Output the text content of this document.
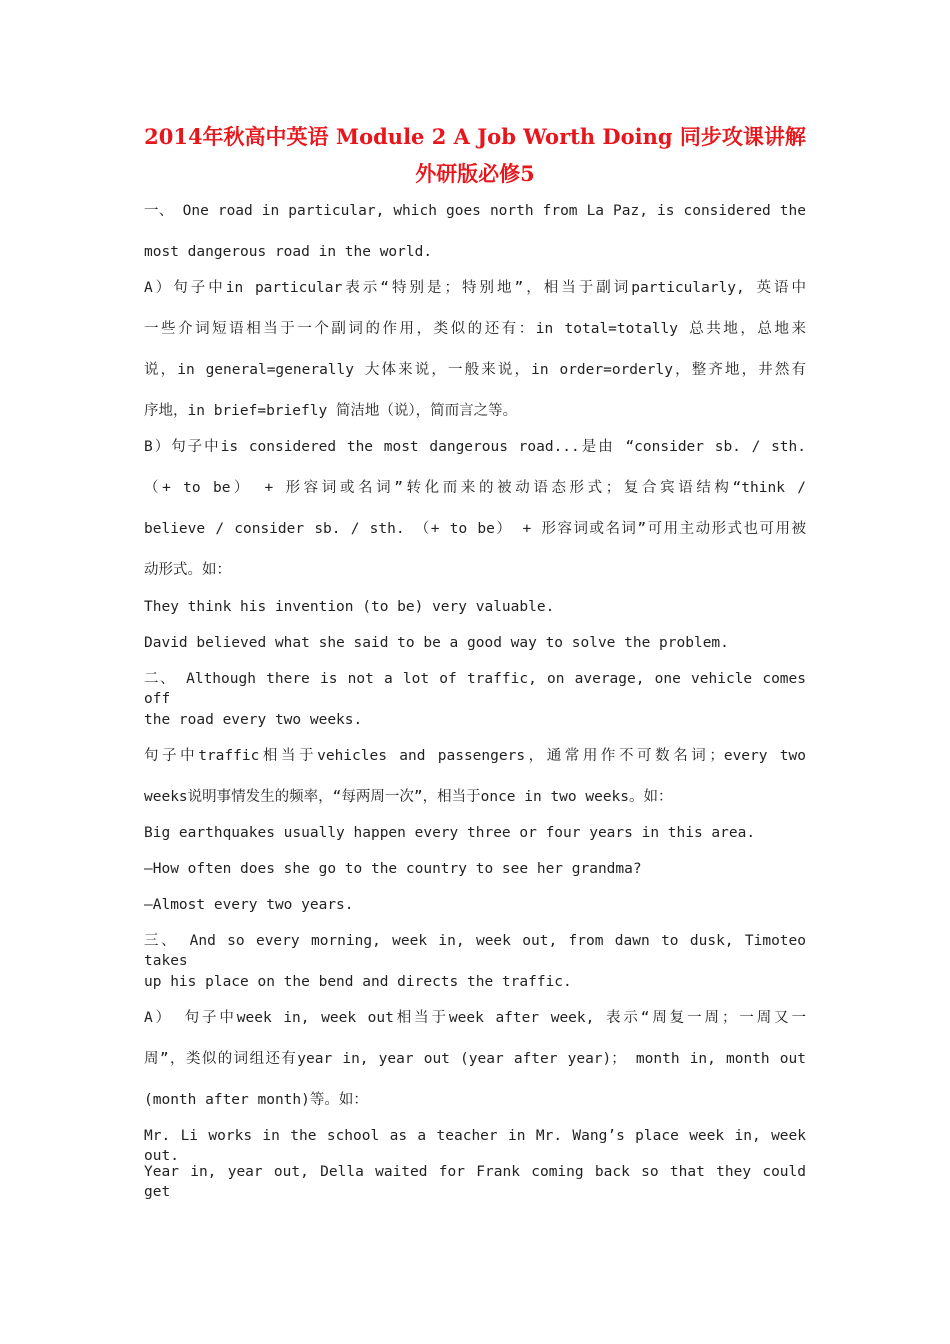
2014年秋高中英语 Module 2 A Job Worth Doing 同步攻课讲解
外研版必修5
一、 One road in particular, which goes north from La Paz, is considered the
most dangerous road in the world.
A）句子中in particular表示“特别是；特别地”，相当于副词particularly, 英语中
一些介词短语相当于一个副词的作用，类似的还有：in total=totally 总共地，总地来
说，in general=generally 大体来说，一般来说，in order=orderly，整齐地，井然有
序地，in brief=briefly 简洁地（说），简而言之等。
B）句子中is considered the most dangerous road...是由 “consider sb. / sth.
（+ to be） + 形容词或名词”转化而来的被动语态形式；复合宾语结构“think /
believe / consider sb. / sth. （+ to be） + 形容词或名词”可用主动形式也可用被
动形式。如：
They think his invention (to be) very valuable.
David believed what she said to be a good way to solve the problem.
二、 Although there is not a lot of traffic, on average, one vehicle comes off
the road every two weeks.
句子中traffic相当于vehicles and passengers，通常用作不可数名词；every two
weeks说明事情发生的频率，“每两周一次”，相当于once in two weeks。如：
Big earthquakes usually happen every three or four years in this area.
—How often does she go to the country to see her grandma?
—Almost every two years.
三、 And so every morning, week in, week out, from dawn to dusk, Timoteo takes
up his place on the bend and directs the traffic.
A） 句子中week in, week out相当于week after week, 表示“周复一周；一周又一
周”，类似的词组还有year in, year out (year after year)； month in, month out
(month after month)等。如：
Mr. Li works in the school as a teacher in Mr. Wang’s place week in, week out.
Year in, year out, Della waited for Frank coming back so that they could get
